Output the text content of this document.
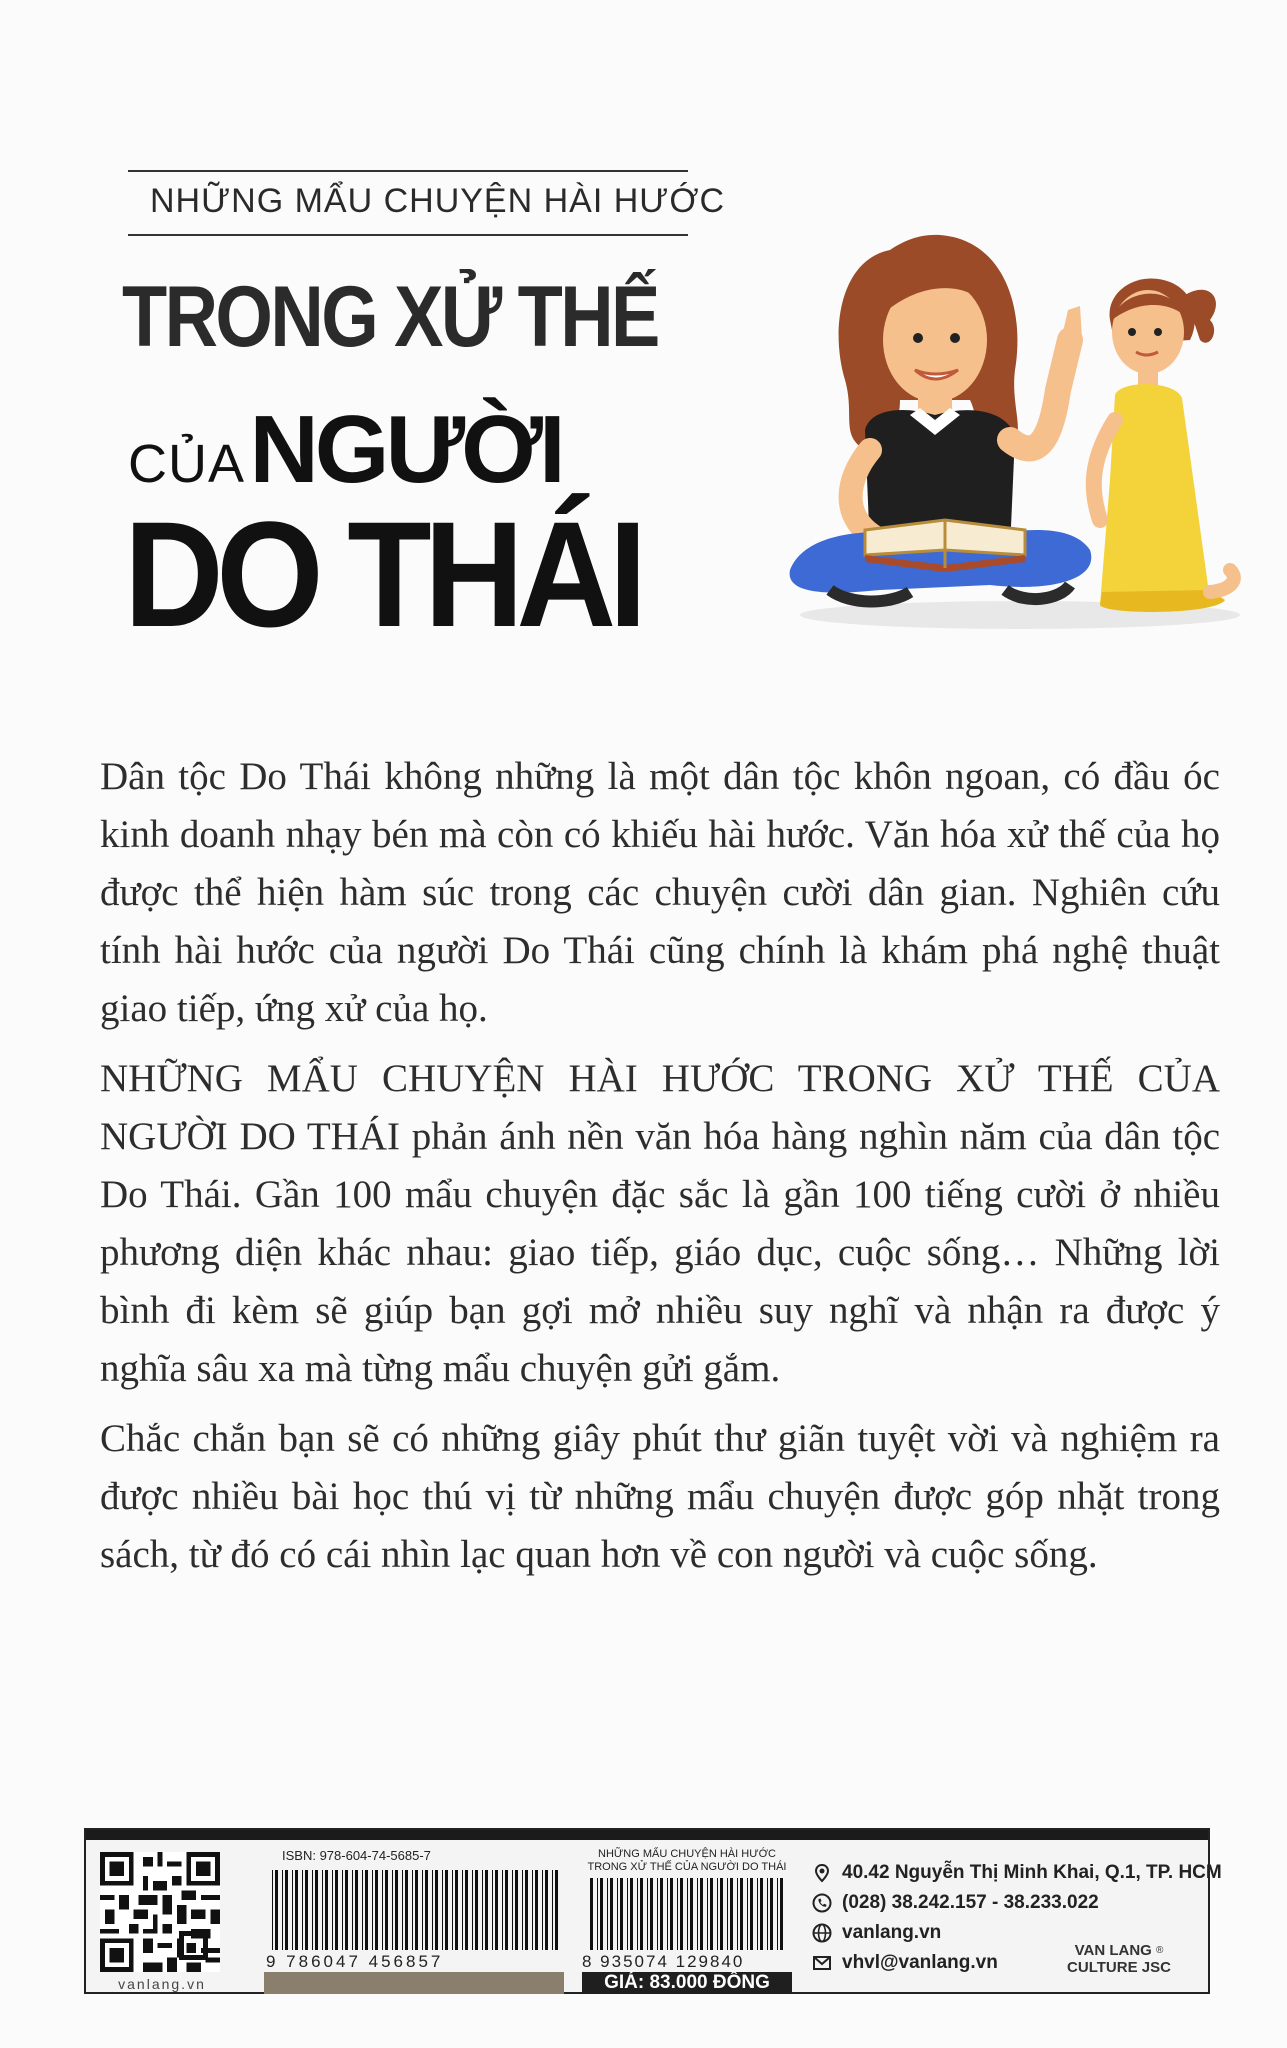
NHỮNG MẨU CHUYỆN HÀI HƯỚC
TRONG XỬ THẾ
CỦA NGƯỜI
DO THÁI

Dân tộc Do Thái không những là một dân tộc khôn ngoan, có đầu óc kinh doanh nhạy bén mà còn có khiếu hài hước. Văn hóa xử thế của họ được thể hiện hàm súc trong các chuyện cười dân gian. Nghiên cứu tính hài hước của người Do Thái cũng chính là khám phá nghệ thuật giao tiếp, ứng xử của họ.

NHỮNG MẨU CHUYỆN HÀI HƯỚC TRONG XỬ THẾ CỦA NGƯỜI DO THÁI phản ánh nền văn hóa hàng nghìn năm của dân tộc Do Thái. Gần 100 mẩu chuyện đặc sắc là gần 100 tiếng cười ở nhiều phương diện khác nhau: giao tiếp, giáo dục, cuộc sống… Những lời bình đi kèm sẽ giúp bạn gợi mở nhiều suy nghĩ và nhận ra được ý nghĩa sâu xa mà từng mẩu chuyện gửi gắm.

Chắc chắn bạn sẽ có những giây phút thư giãn tuyệt vời và nghiệm ra được nhiều bài học thú vị từ những mẩu chuyện được góp nhặt trong sách, từ đó có cái nhìn lạc quan hơn về con người và cuộc sống.

vanlang.vn
ISBN: 978-604-74-5685-7
9 786047 456857
NHỮNG MẨU CHUYỆN HÀI HƯỚC TRONG XỬ THẾ CỦA NGƯỜI DO THÁI
8 935074 129840
GIÁ: 83.000 ĐỒNG
40.42 Nguyễn Thị Minh Khai, Q.1, TP. HCM
(028) 38.242.157 - 38.233.022
vanlang.vn
vhvl@vanlang.vn
VAN LANG ®
CULTURE JSC
